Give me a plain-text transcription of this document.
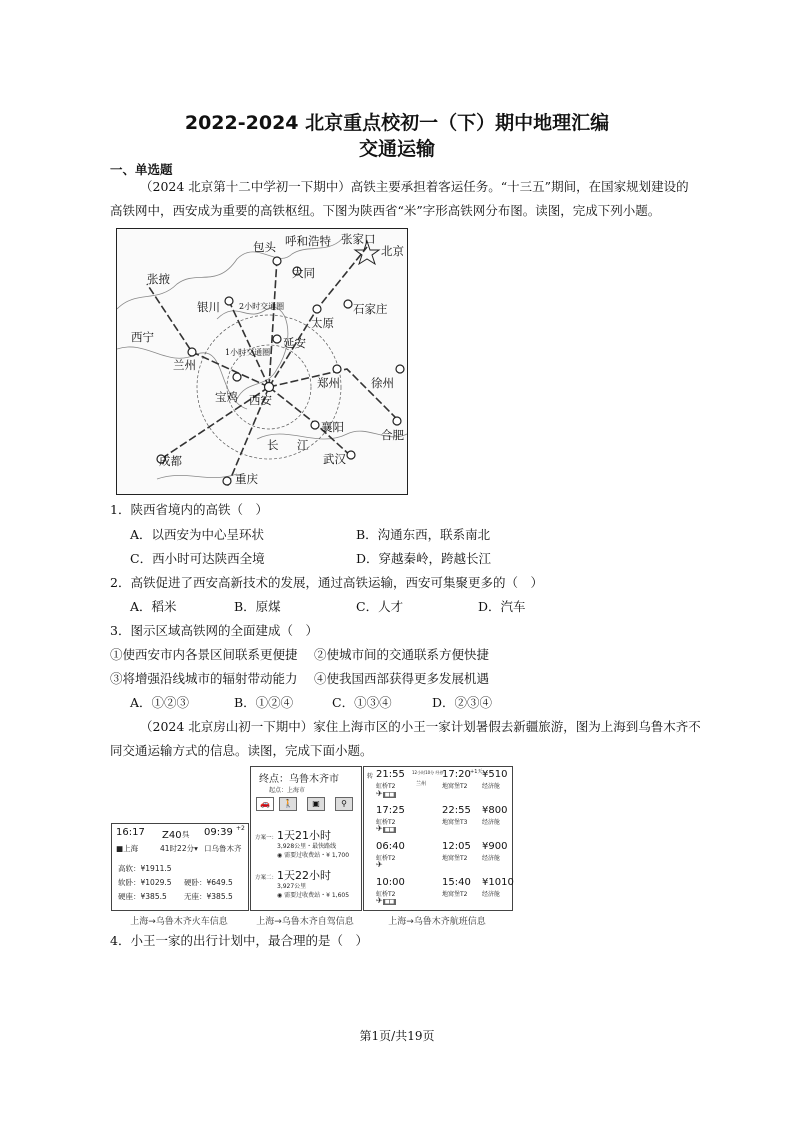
2022-2024 北京重点校初一（下）期中地理汇编
交通运输
一、单选题
（2024 北京第十二中学初一下期中）高铁主要承担着客运任务。“十三五”期间，在国家规划建设的
高铁网中，西安成为重要的高铁枢纽。下图为陕西省“米”字形高铁网分布图。读图，完成下列小题。
包头 呼和浩特 张家口
北京
张掖	大同
银川 2小时交通圈	石家庄
太原
西宁	延安
兰州
1小时交通圈
郑州	徐州
宝鸡 西安
襄阳
合肥
长 江
成都	武汉
重庆
1．陕西省境内的高铁（　）
A．以西安为中心呈环状	B．沟通东西，联系南北
C．西小时可达陕西全境	D．穿越秦岭，跨越长江
2．高铁促进了西安高新技术的发展，通过高铁运输，西安可集聚更多的（　）
A．稻米	B．原煤	C．人才	D．汽车
3．图示区域高铁网的全面建成（　）
①使西安市内各景区间联系更便捷 ②使城市间的交通联系方便快捷
③将增强沿线城市的辐射带动能力 ④使我国西部获得更多发展机遇
A．①②③	B．①②④	C．①③④	D．②③④
（2024 北京房山初一下期中）家住上海市区的小王一家计划暑假去新疆旅游，图为上海到乌鲁木齐不
同交通运输方式的信息。读图，完成下面小题。
16:17 Z40 呉 09:39 +2
■上海	41时22分▾ 口乌鲁木齐
高软：¥1911.5
软卧：¥1029.5 硬卧：¥649.5
硬座：¥385.5 无座：¥385.5
上海→乌鲁木齐火车信息
终点：乌鲁木齐市
起点：上海市
🚗	🚶	▣	⚲
方案一： 1天21小时
3,928公里・最快路线
◉ 需要过收费站・¥ 1,700
方案二： 1天22小时
3,927公里
◉ 需要过收费站・¥ 1,605
上海→乌鲁木齐自驾信息
转 21:55
虹桥T2
✈ ■■
12小时10分 经停
兰州
17:20 +1天
地窝堡T2
¥510
经济舱
17:25
虹桥T2
✈ ■■
22:55
地窝堡T3
¥800
经济舱
06:40
虹桥T2
✈
12:05
地窝堡T2
¥900
经济舱
10:00
虹桥T2
✈ ■■
15:40
地窝堡T2
¥1010
经济舱
上海→乌鲁木齐航班信息
4．小王一家的出行计划中，最合理的是（　）
第1页/共19页
